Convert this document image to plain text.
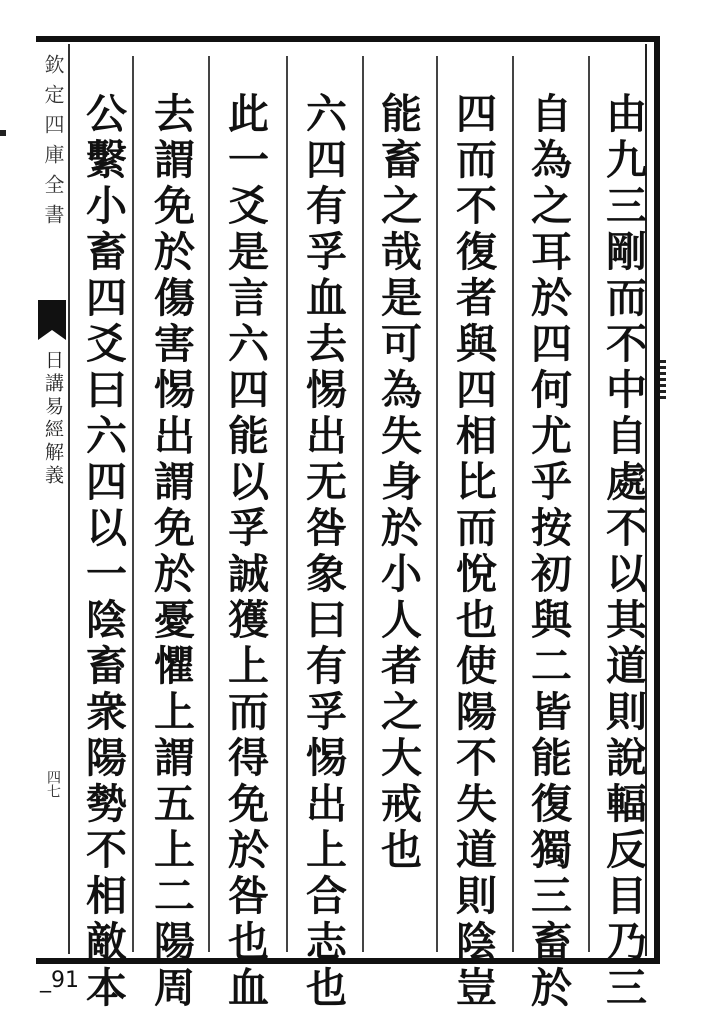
欽定四庫全書
日講易經解義
四七	由九三剛而不中自處不以其道則說輻反目乃三
自為之耳於四何尤乎按初與二皆能復獨三畜於
四而不復者與四相比而悅也使陽不失道則陰豈
能畜之哉是可為失身於小人者之大戒也
六四有孚血去惕出无咎象曰有孚惕出上合志也
此一爻是言六四能以孚誠獲上而得免於咎也血
去謂免於傷害惕出謂免於憂懼上謂五上二陽周
公繫小畜四爻曰六四以一陰畜衆陽勢不相敵本
_91
